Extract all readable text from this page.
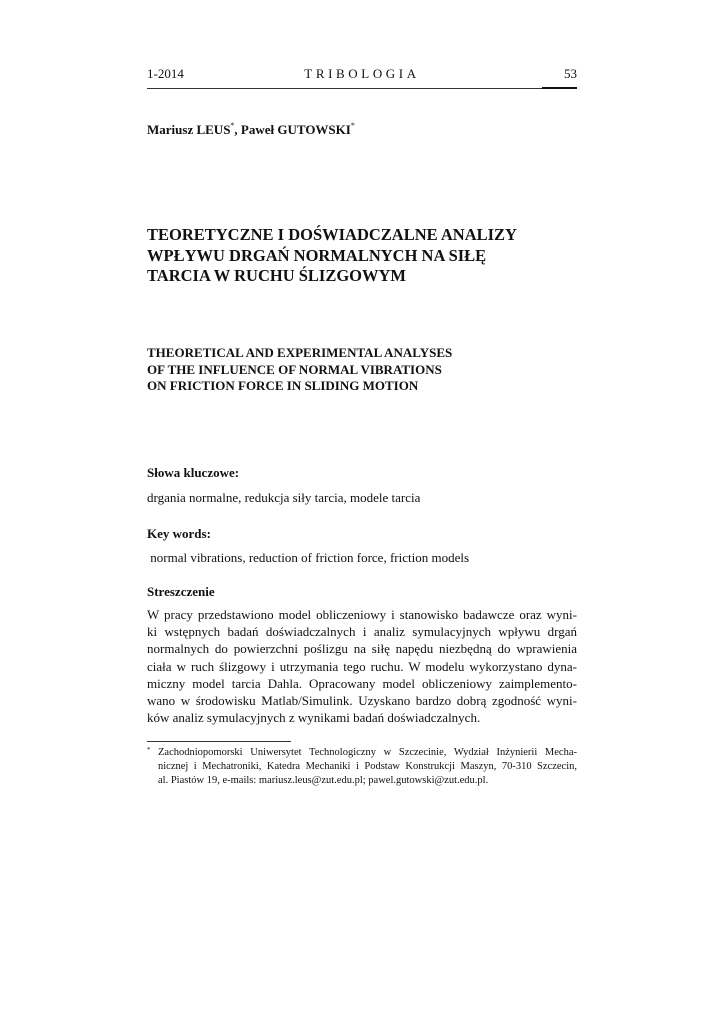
1-2014	TRIBOLOGIA	53
Mariusz LEUS*, Paweł GUTOWSKI*
TEORETYCZNE I DOŚWIADCZALNE ANALIZY
WPŁYWU DRGAŃ NORMALNYCH NA SIŁĘ
TARCIA W RUCHU ŚLIZGOWYM
THEORETICAL AND EXPERIMENTAL ANALYSES
OF THE INFLUENCE OF NORMAL VIBRATIONS
ON FRICTION FORCE IN SLIDING MOTION
Słowa kluczowe:
drgania normalne, redukcja siły tarcia, modele tarcia
Key words:
normal vibrations, reduction of friction force, friction models
Streszczenie
W pracy przedstawiono model obliczeniowy i stanowisko badawcze oraz wyni-
ki wstępnych badań doświadczalnych i analiz symulacyjnych wpływu drgań
normalnych do powierzchni poślizgu na siłę napędu niezbędną do wprawienia
ciała w ruch ślizgowy i utrzymania tego ruchu. W modelu wykorzystano dyna-
miczny model tarcia Dahla. Opracowany model obliczeniowy zaimplemento-
wano w środowisku Matlab/Simulink. Uzyskano bardzo dobrą zgodność wyni-
ków analiz symulacyjnych z wynikami badań doświadczalnych.
* Zachodniopomorski Uniwersytet Technologiczny w Szczecinie, Wydział Inżynierii Mecha-
nicznej i Mechatroniki, Katedra Mechaniki i Podstaw Konstrukcji Maszyn, 70-310 Szczecin,
al. Piastów 19, e-mails: mariusz.leus@zut.edu.pl; pawel.gutowski@zut.edu.pl.
